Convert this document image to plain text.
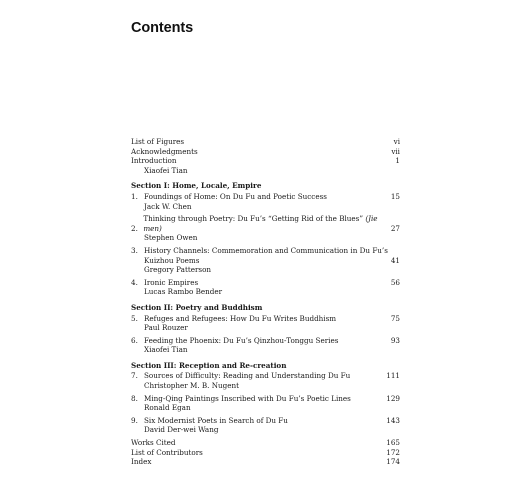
Contents
List of Figures	vi
Acknowledgments	vii
Introduction	1
Xiaofei Tian
Section I: Home, Locale, Empire
1. Foundings of Home: On Du Fu and Poetic Success	15
Jack W. Chen
2.
Thinking through Poetry: Du Fu’s “Getting Rid of the Blues” (Jie men)	27
Stephen Owen
3. History Channels: Commemoration and Communication in Du Fu’s
Kuizhou Poems	41
Gregory Patterson
4. Ironic Empires	56
Lucas Rambo Bender
Section II: Poetry and Buddhism
5. Refuges and Refugees: How Du Fu Writes Buddhism	75
Paul Rouzer
6. Feeding the Phoenix: Du Fu’s Qinzhou-Tonggu Series	93
Xiaofei Tian
Section III: Reception and Re-creation
7. Sources of Difficulty: Reading and Understanding Du Fu	111
Christopher M. B. Nugent
8. Ming-Qing Paintings Inscribed with Du Fu’s Poetic Lines	129
Ronald Egan
9. Six Modernist Poets in Search of Du Fu	143
David Der-wei Wang
Works Cited	165
List of Contributors	172
Index	174
